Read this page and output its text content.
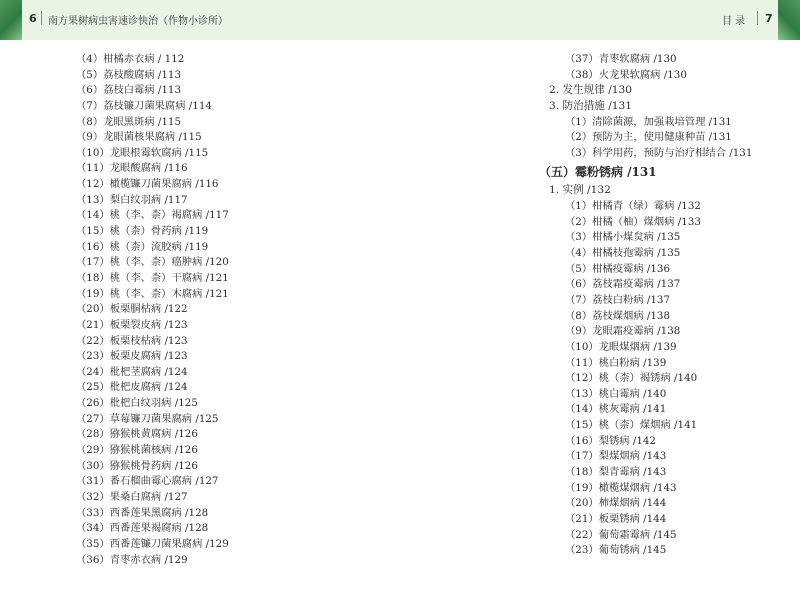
6 南方果树病虫害速诊快治（作物小诊所）	目 录 7
（4）柑橘赤衣病 / 112
（5）荔枝酸腐病 /113
（6）荔枝白霉病 /113
（7）荔枝镰刀菌果腐病 /114
（8）龙眼黑斑病 /115
（9）龙眼菌核果腐病 /115
（10）龙眼根霉软腐病 /115
（11）龙眼酸腐病 /116
（12）橄榄镰刀菌果腐病 /116
（13）梨白纹羽病 /117
（14）桃（李、柰）褐腐病 /117
（15）桃（柰）骨药病 /119
（16）桃（柰）流胶病 /119
（17）桃（李、柰）癌肿病 /120
（18）桃（李、柰）干腐病 /121
（19）桃（李、柰）木腐病 /121
（20）板栗胴枯病 /122
（21）板栗裂皮病 /123
（22）板栗枝枯病 /123
（23）板栗皮腐病 /123
（24）枇杷茎腐病 /124
（25）枇杷皮腐病 /124
（26）枇杷白纹羽病 /125
（27）草莓镰刀菌果腐病 /125
（28）猕猴桃黄腐病 /126
（29）猕猴桃菌核病 /126
（30）猕猴桃骨药病 /126
（31）番石榴曲霉心腐病 /127
（32）果桑白腐病 /127
（33）西番莲果黑腐病 /128
（34）西番莲果褐腐病 /128
（35）西番莲镰刀菌果腐病 /129
（36）青枣赤衣病 /129
（37）青枣软腐病 /130
（38）火龙果软腐病 /130
2. 发生规律 /130
3. 防治措施 /131
（1）清除菌源，加强栽培管理 /131
（2）预防为主，使用健康种苗 /131
（3）科学用药，预防与治疗相结合 /131
（五）霉粉锈病 /131
1. 实例 /132
（1）柑橘青（绿）霉病 /132
（2）柑橘（柚）煤烟病 /133
（3）柑橘小煤炱病 /135
（4）柑橘枝孢霉病 /135
（5）柑橘疫霉病 /136
（6）荔枝霜疫霉病 /137
（7）荔枝白粉病 /137
（8）荔枝煤烟病 /138
（9）龙眼霜疫霉病 /138
（10）龙眼煤烟病 /139
（11）桃白粉病 /139
（12）桃（柰）褐锈病 /140
（13）桃白霉病 /140
（14）桃灰霉病 /141
（15）桃（柰）煤烟病 /141
（16）梨锈病 /142
（17）梨煤烟病 /143
（18）梨青霉病 /143
（19）橄榄煤烟病 /143
（20）柿煤烟病 /144
（21）板栗锈病 /144
（22）葡萄霜霉病 /145
（23）葡萄锈病 /145
